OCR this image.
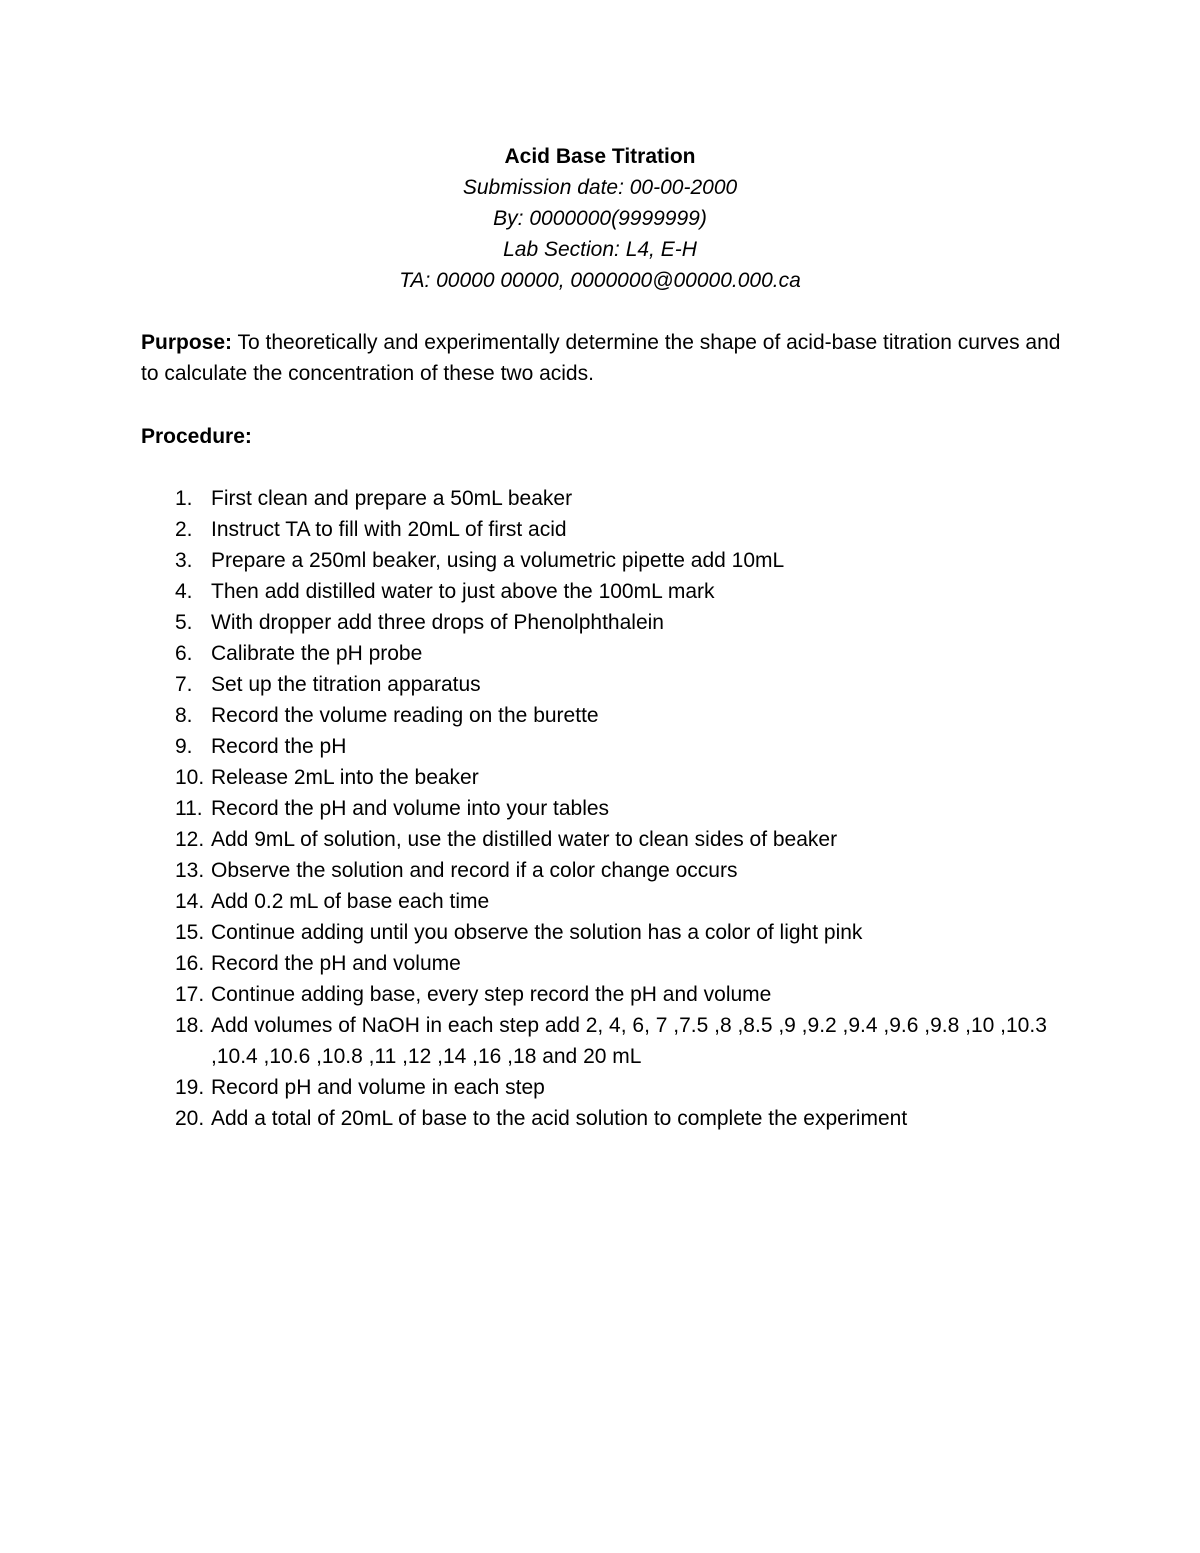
Acid Base Titration
Submission date: 00-00-2000
By: 0000000(9999999)
Lab Section: L4, E-H
TA: 00000 00000, 0000000@00000.000.ca
Purpose: To theoretically and experimentally determine the shape of acid-base titration curves and to calculate the concentration of these two acids.
Procedure:
1. First clean and prepare a 50mL beaker
2. Instruct TA to fill with 20mL of first acid
3. Prepare a 250ml beaker, using a volumetric pipette add 10mL
4. Then add distilled water to just above the 100mL mark
5. With dropper add three drops of Phenolphthalein
6. Calibrate the pH probe
7. Set up the titration apparatus
8. Record the volume reading on the burette
9. Record the pH
10. Release 2mL into the beaker
11. Record the pH and volume into your tables
12. Add 9mL of solution, use the distilled water to clean sides of beaker
13. Observe the solution and record if a color change occurs
14. Add 0.2 mL of base each time
15. Continue adding until you observe the solution has a color of light pink
16. Record the pH and volume
17. Continue adding base, every step record the pH and volume
18. Add volumes of NaOH in each step add 2, 4, 6, 7 ,7.5 ,8 ,8.5 ,9 ,9.2 ,9.4 ,9.6 ,9.8 ,10 ,10.3 ,10.4 ,10.6 ,10.8 ,11 ,12 ,14 ,16 ,18 and 20 mL
19. Record pH and volume in each step
20. Add a total of 20mL of base to the acid solution to complete the experiment
